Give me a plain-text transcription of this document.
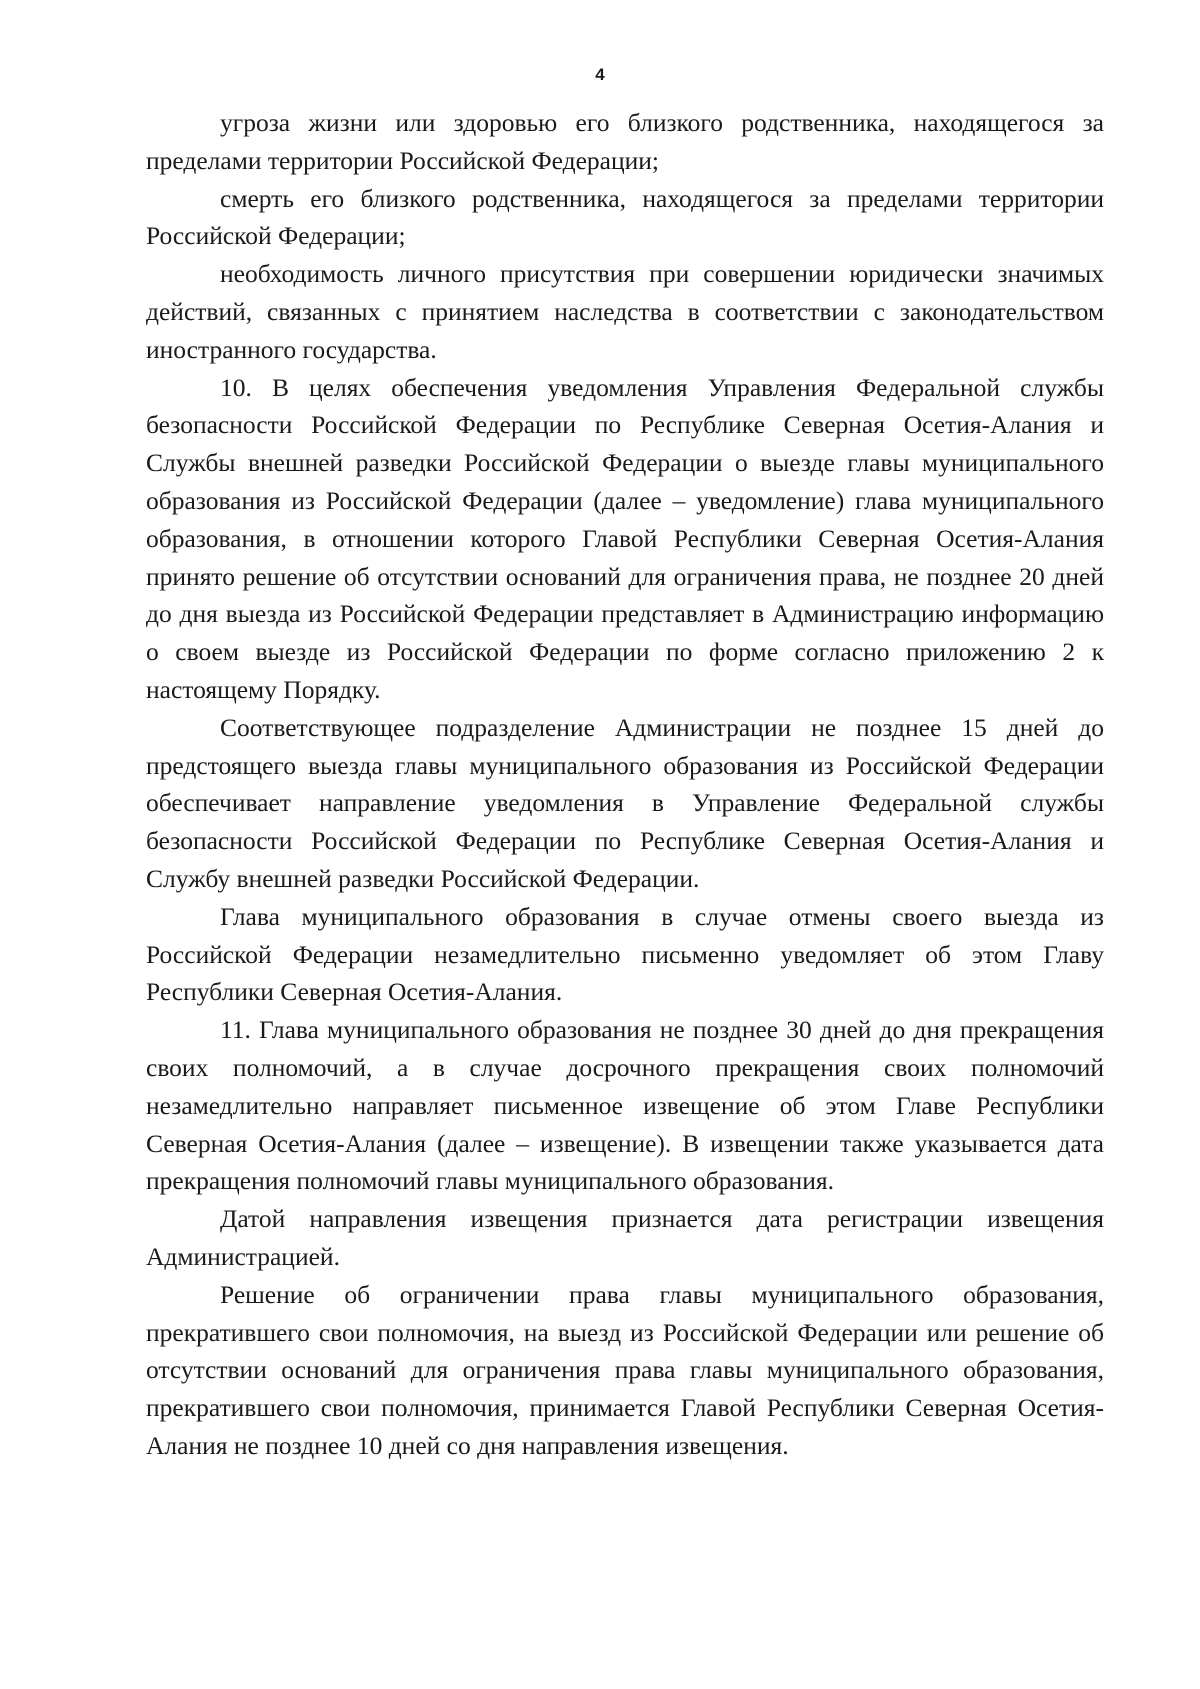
4

угроза жизни или здоровью его близкого родственника, находящегося за пределами территории Российской Федерации;

смерть его близкого родственника, находящегося за пределами территории Российской Федерации;

необходимость личного присутствия при совершении юридически значимых действий, связанных с принятием наследства в соответствии с законодательством иностранного государства.

10. В целях обеспечения уведомления Управления Федеральной службы безопасности Российской Федерации по Республике Северная Осетия-Алания и Службы внешней разведки Российской Федерации о выезде главы муниципального образования из Российской Федерации (далее – уведомление) глава муниципального образования, в отношении которого Главой Республики Северная Осетия-Алания принято решение об отсутствии оснований для ограничения права, не позднее 20 дней до дня выезда из Российской Федерации представляет в Администрацию информацию о своем выезде из Российской Федерации по форме согласно приложению 2 к настоящему Порядку.

Соответствующее подразделение Администрации не позднее 15 дней до предстоящего выезда главы муниципального образования из Российской Федерации обеспечивает направление уведомления в Управление Федеральной службы безопасности Российской Федерации по Республике Северная Осетия-Алания и Службу внешней разведки Российской Федерации.

Глава муниципального образования в случае отмены своего выезда из Российской Федерации незамедлительно письменно уведомляет об этом Главу Республики Северная Осетия-Алания.

11. Глава муниципального образования не позднее 30 дней до дня прекращения своих полномочий, а в случае досрочного прекращения своих полномочий незамедлительно направляет письменное извещение об этом Главе Республики Северная Осетия-Алания (далее – извещение). В извещении также указывается дата прекращения полномочий главы муниципального образования.

Датой направления извещения признается дата регистрации извещения Администрацией.

Решение об ограничении права главы муниципального образования, прекратившего свои полномочия, на выезд из Российской Федерации или решение об отсутствии оснований для ограничения права главы муниципального образования, прекратившего свои полномочия, принимается Главой Республики Северная Осетия-Алания не позднее 10 дней со дня направления извещения.
